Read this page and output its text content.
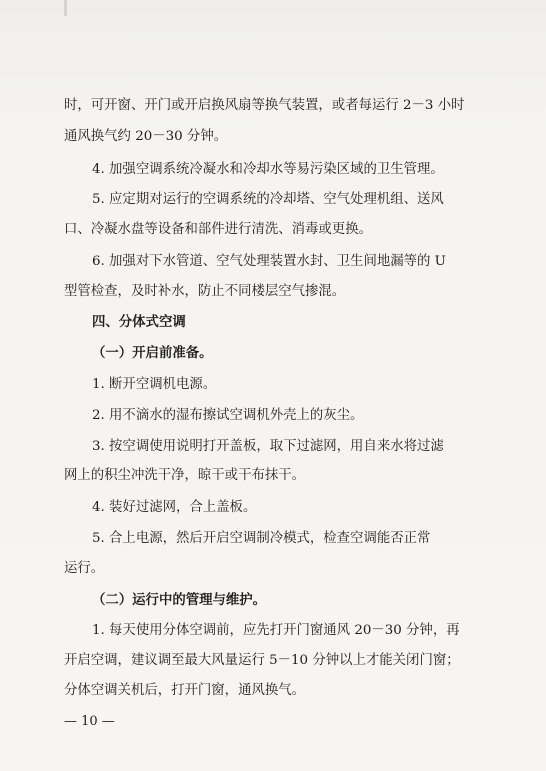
时，可开窗、开门或开启换风扇等换气装置，或者每运行 2－3 小时
通风换气约 20－30 分钟。
4. 加强空调系统冷凝水和冷却水等易污染区域的卫生管理。
5. 应定期对运行的空调系统的冷却塔、空气处理机组、送风
口、冷凝水盘等设备和部件进行清洗、消毒或更换。
6. 加强对下水管道、空气处理装置水封、卫生间地漏等的 U
型管检查，及时补水，防止不同楼层空气掺混。
四、分体式空调
（一）开启前准备。
1. 断开空调机电源。
2. 用不滴水的湿布擦试空调机外壳上的灰尘。
3. 按空调使用说明打开盖板，取下过滤网，用自来水将过滤
网上的积尘冲洗干净，晾干或干布抹干。
4. 装好过滤网，合上盖板。
5. 合上电源，然后开启空调制冷模式，检查空调能否正常
运行。
（二）运行中的管理与维护。
1. 每天使用分体空调前，应先打开门窗通风 20－30 分钟，再
开启空调，建议调至最大风量运行 5－10 分钟以上才能关闭门窗；
分体空调关机后，打开门窗，通风换气。
— 10 —
